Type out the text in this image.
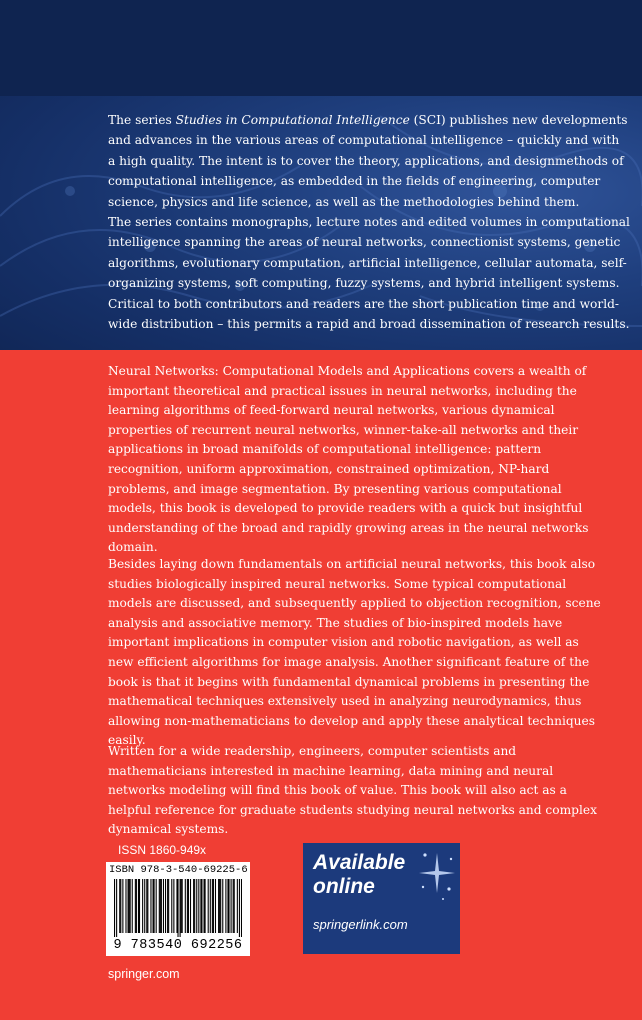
The series Studies in Computational Intelligence (SCI) publishes new developments and advances in the various areas of computational intelligence – quickly and with a high quality. The intent is to cover the theory, applications, and designmethods of computational intelligence, as embedded in the fields of engineering, computer science, physics and life science, as well as the methodologies behind them.

The series contains monographs, lecture notes and edited volumes in computational intelligence spanning the areas of neural networks, connectionist systems, genetic algorithms, evolutionary computation, artificial intelligence, cellular automata, self-organizing systems, soft computing, fuzzy systems, and hybrid intelligent systems. Critical to both contributors and readers are the short publication time and world-wide distribution – this permits a rapid and broad dissemination of research results.

Neural Networks: Computational Models and Applications covers a wealth of important theoretical and practical issues in neural networks, including the learning algorithms of feed-forward neural networks, various dynamical properties of recurrent neural networks, winner-take-all networks and their applications in broad manifolds of computational intelligence: pattern recognition, uniform approximation, constrained optimization, NP-hard problems, and image segmentation. By presenting various computational models, this book is developed to provide readers with a quick but insightful understanding of the broad and rapidly growing areas in the neural networks domain.

Besides laying down fundamentals on artificial neural networks, this book also studies biologically inspired neural networks. Some typical computational models are discussed, and subsequently applied to objection recognition, scene analysis and associative memory. The studies of bio-inspired models have important implications in computer vision and robotic navigation, as well as new efficient algorithms for image analysis. Another significant feature of the book is that it begins with fundamental dynamical problems in presenting the mathematical techniques extensively used in analyzing neurodynamics, thus allowing non-mathematicians to develop and apply these analytical techniques easily.

Written for a wide readership, engineers, computer scientists and mathematicians interested in machine learning, data mining and neural networks modeling will find this book of value. This book will also act as a helpful reference for graduate students studying neural networks and complex dynamical systems.

ISSN 1860-949x
ISBN 978-3-540-69225-6
9 783540 692256
Available
online
springerlink.com
springer.com
